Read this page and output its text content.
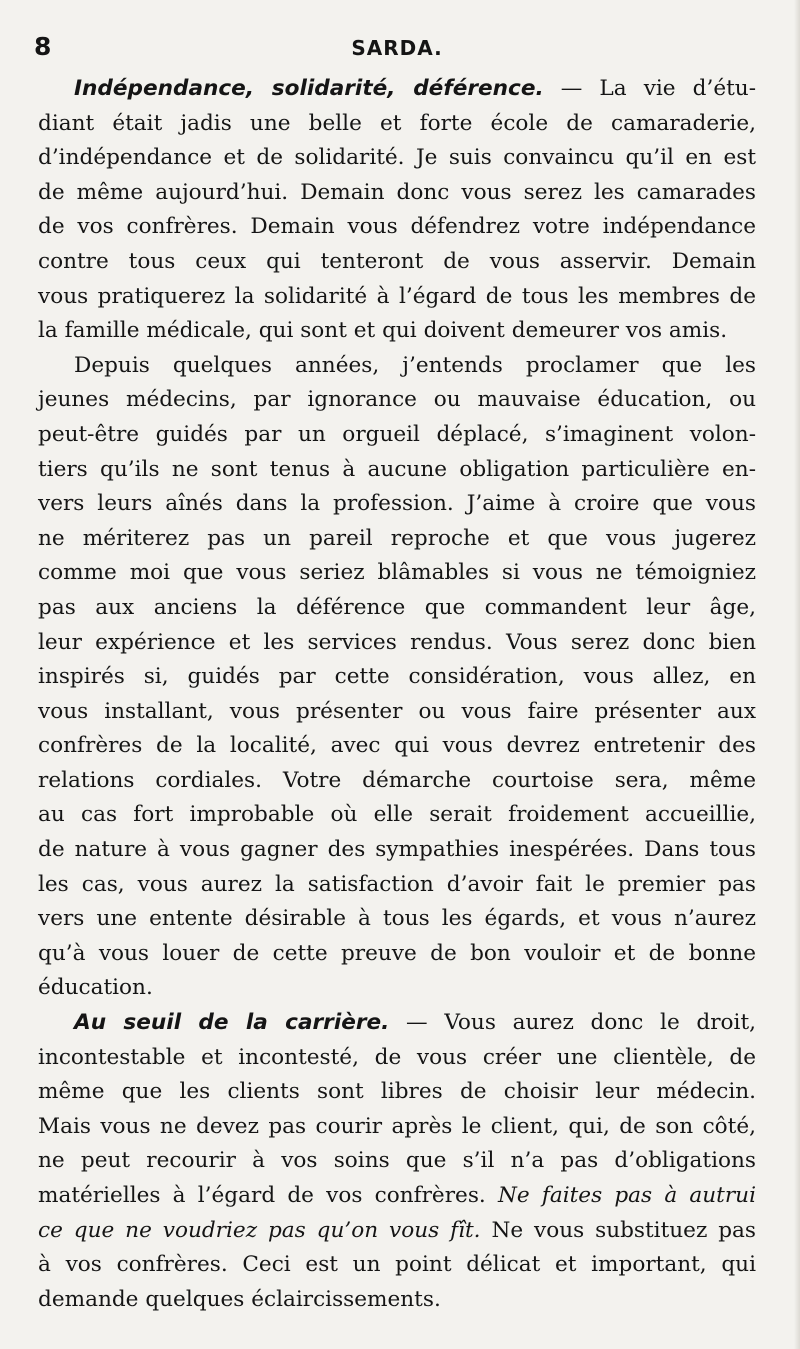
8	SARDA.
Indépendance, solidarité, déférence. — La vie d’étu-
diant était jadis une belle et forte école de camaraderie,
d’indépendance et de solidarité. Je suis convaincu qu’il en est
de même aujourd’hui. Demain donc vous serez les camarades
de vos confrères. Demain vous défendrez votre indépendance
contre tous ceux qui tenteront de vous asservir. Demain
vous pratiquerez la solidarité à l’égard de tous les membres de
la famille médicale, qui sont et qui doivent demeurer vos amis.
Depuis quelques années, j’entends proclamer que les
jeunes médecins, par ignorance ou mauvaise éducation, ou
peut-être guidés par un orgueil déplacé, s’imaginent volon-
tiers qu’ils ne sont tenus à aucune obligation particulière en-
vers leurs aînés dans la profession. J’aime à croire que vous
ne mériterez pas un pareil reproche et que vous jugerez
comme moi que vous seriez blâmables si vous ne témoigniez
pas aux anciens la déférence que commandent leur âge,
leur expérience et les services rendus. Vous serez donc bien
inspirés si, guidés par cette considération, vous allez, en
vous installant, vous présenter ou vous faire présenter aux
confrères de la localité, avec qui vous devrez entretenir des
relations cordiales. Votre démarche courtoise sera, même
au cas fort improbable où elle serait froidement accueillie,
de nature à vous gagner des sympathies inespérées. Dans tous
les cas, vous aurez la satisfaction d’avoir fait le premier pas
vers une entente désirable à tous les égards, et vous n’aurez
qu’à vous louer de cette preuve de bon vouloir et de bonne
éducation.
Au seuil de la carrière. — Vous aurez donc le droit,
incontestable et incontesté, de vous créer une clientèle, de
même que les clients sont libres de choisir leur médecin.
Mais vous ne devez pas courir après le client, qui, de son côté,
ne peut recourir à vos soins que s’il n’a pas d’obligations
matérielles à l’égard de vos confrères. Ne faites pas à autrui
ce que ne voudriez pas qu’on vous fît. Ne vous substituez pas
à vos confrères. Ceci est un point délicat et important, qui
demande quelques éclaircissements.
